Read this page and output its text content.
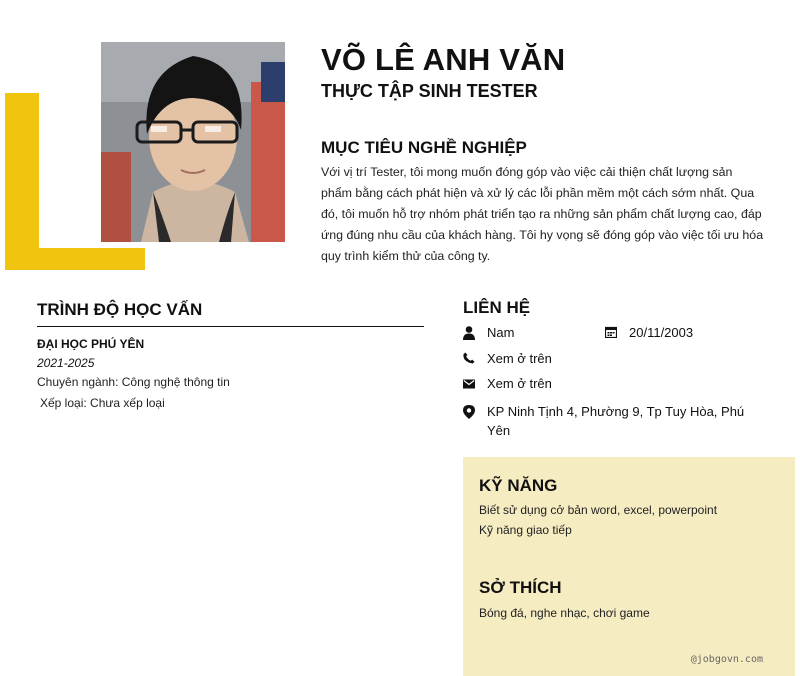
VÕ LÊ ANH VĂN
THỰC TẬP SINH TESTER
MỤC TIÊU NGHỀ NGHIỆP
Với vị trí Tester, tôi mong muốn đóng góp vào việc cải thiện chất lượng sản phẩm bằng cách phát hiện và xử lý các lỗi phần mềm một cách sớm nhất. Qua đó, tôi muốn hỗ trợ nhóm phát triển tạo ra những sản phẩm chất lượng cao, đáp ứng đúng nhu cầu của khách hàng. Tôi hy vọng sẽ đóng góp vào việc tối ưu hóa quy trình kiểm thử của công ty.
TRÌNH ĐỘ HỌC VẤN
ĐẠI HỌC PHÚ YÊN
2021-2025
Chuyên ngành: Công nghệ thông tin
Xếp loại: Chưa xếp loại
LIÊN HỆ
Nam	20/11/2003
Xem ở trên
Xem ở trên
KP Ninh Tịnh 4, Phường 9, Tp Tuy Hòa, Phú Yên
KỸ NĂNG
Biết sử dụng cở bản word, excel, powerpoint
Kỹ năng giao tiếp
SỞ THÍCH
Bóng đá, nghe nhạc, chơi game
@jobgovn.com
